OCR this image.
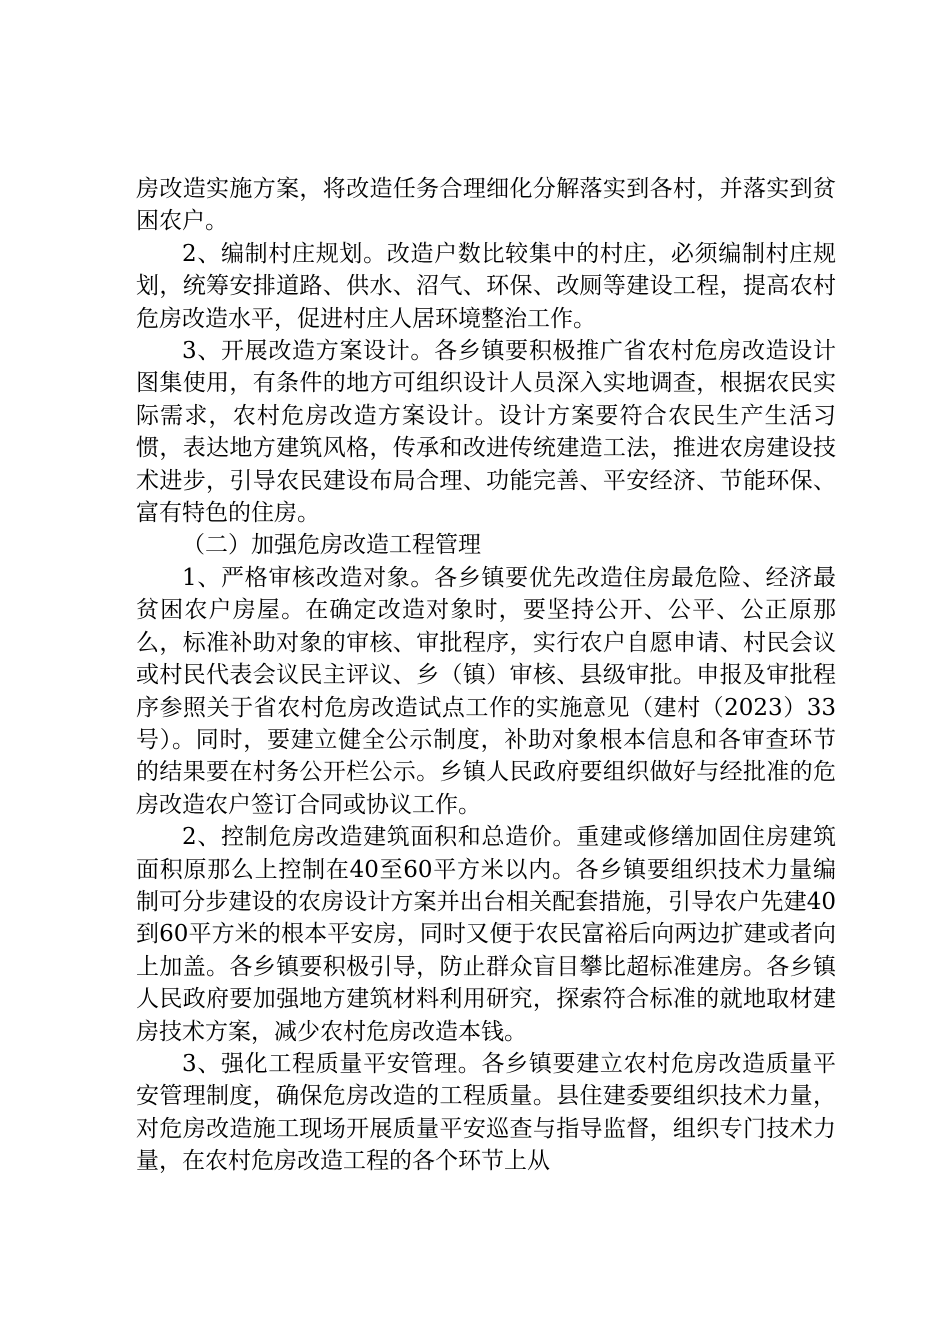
房改造实施方案，将改造任务合理细化分解落实到各村，并落实到贫困农户。

2、编制村庄规划。改造户数比较集中的村庄，必须编制村庄规划，统筹安排道路、供水、沼气、环保、改厕等建设工程，提高农村危房改造水平，促进村庄人居环境整治工作。

3、开展改造方案设计。各乡镇要积极推广省农村危房改造设计图集使用，有条件的地方可组织设计人员深入实地调查，根据农民实际需求，农村危房改造方案设计。设计方案要符合农民生产生活习惯，表达地方建筑风格，传承和改进传统建造工法，推进农房建设技术进步，引导农民建设布局合理、功能完善、平安经济、节能环保、富有特色的住房。

（二）加强危房改造工程管理

1、严格审核改造对象。各乡镇要优先改造住房最危险、经济最贫困农户房屋。在确定改造对象时，要坚持公开、公平、公正原那么，标准补助对象的审核、审批程序，实行农户自愿申请、村民会议或村民代表会议民主评议、乡（镇）审核、县级审批。申报及审批程序参照关于省农村危房改造试点工作的实施意见（建村（2023）33号）。同时，要建立健全公示制度，补助对象根本信息和各审查环节的结果要在村务公开栏公示。乡镇人民政府要组织做好与经批准的危房改造农户签订合同或协议工作。

2、控制危房改造建筑面积和总造价。重建或修缮加固住房建筑面积原那么上控制在40至60平方米以内。各乡镇要组织技术力量编制可分步建设的农房设计方案并出台相关配套措施，引导农户先建40到60平方米的根本平安房，同时又便于农民富裕后向两边扩建或者向上加盖。各乡镇要积极引导，防止群众盲目攀比超标准建房。各乡镇人民政府要加强地方建筑材料利用研究，探索符合标准的就地取材建房技术方案，减少农村危房改造本钱。

3、强化工程质量平安管理。各乡镇要建立农村危房改造质量平安管理制度，确保危房改造的工程质量。县住建委要组织技术力量，对危房改造施工现场开展质量平安巡查与指导监督，组织专门技术力量，在农村危房改造工程的各个环节上从
